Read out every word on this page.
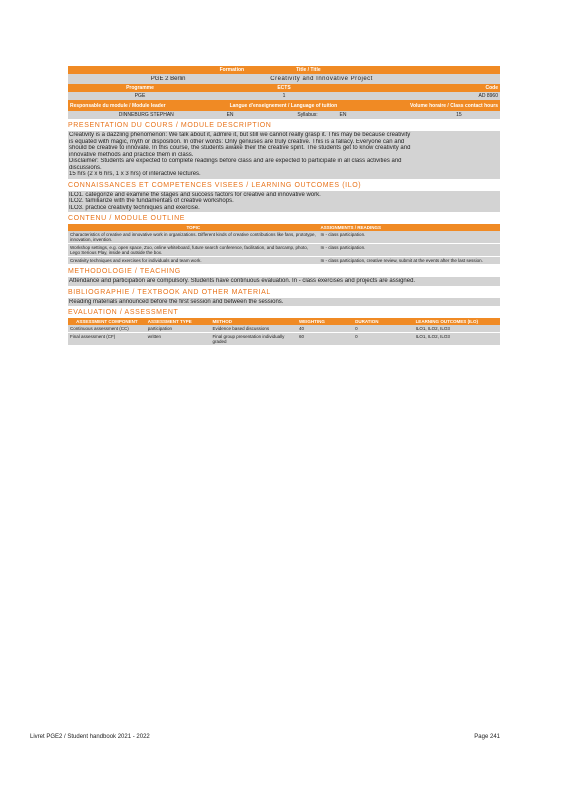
Formation	Title / Title
PGE 2 Berlin	Creativity and Innovative Project
Programme	ECTS	Code
PGE	1	AD 8960
Responsable du module / Module leader	Langue d'enseignement / Language of tuition	Volume horaire / Class contact hours
DINNEBURG STEPHAN	EN	Syllabus:	EN	15
PRESENTATION DU COURS / MODULE DESCRIPTION
Creativity is a dazzling phenomenon: We talk about it, admire it, but still we cannot really grasp it. This may be because creativity
is equated with magic, myth or disposition. In other words: Only geniuses are truly creative. This is a fallacy. Everyone can and
should be creative to innovate. In this course, the students awake their the creative spirit. The students get to know creativity and
innovative methods and practice them in class.
Disclaimer: Students are expected to complete readings before class and are expected to participate in all class activities and
discussions.
15 hrs (2 x 6 hrs, 1 x 3 hrs) of interactive lectures.
CONNAISSANCES ET COMPETENCES VISEES / LEARNING OUTCOMES (ILO)
ILO1. categorize and examine the stages and success factors for creative and innovative work.
ILO2. familiarize with the fundamentals of creative workshops.
ILO3. practice creativity techniques and exercise.
CONTENU / MODULE OUTLINE
TOPIC	ASSIGNMENTS / READINGS
Characteristics of creative and innovative work in organizations. Different kinds of creative contributions like fans, prototype, innovation, invention.	In - class participation.
Workshop settings, e.g. open space, Zoo, online whiteboard, future search conference, facilitation, and barcamp, photo, Lego Serious Play, inside and outside the box.	In - class participation.
Creativity techniques and exercises for individuals and team work.	In - class participation, creative review, submit at the events after the last session.
METHODOLOGIE / TEACHING
Attendance and participation are compulsory. Students have continuous evaluation. In - class exercises and projects are assigned.
BIBLIOGRAPHIE / TEXTBOOK AND OTHER MATERIAL
Reading materials announced before the first session and between the sessions.
EVALUATION / ASSESSMENT
ASSESSMENT COMPONENT	ASSESSMENT TYPE	METHOD	WEIGHTING	DURATION	LEARNING OUTCOMES (ILO)
Continuous assessment (CC)	participation	Evidence based discussions	40	0	ILO1, ILO2, ILO3
Final assessment (CF)	written	Final group presentation individually graded	60	0	ILO1, ILO2, ILO3
Livret PGE2 / Student handbook 2021 - 2022	Page 241
